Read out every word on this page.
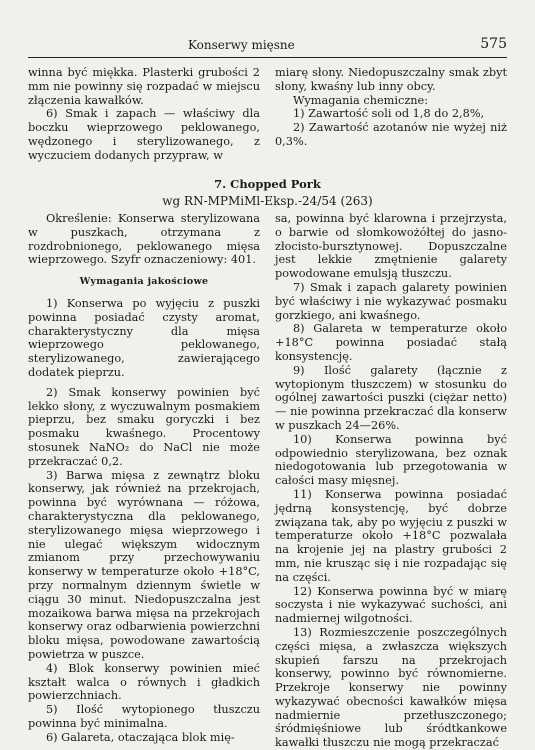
Konserwy mięsne	575

winna być miękka. Plasterki grubości 2 mm nie powinny się rozpadać w miejscu złączenia kawałków.

6) Smak i zapach — właściwy dla boczku wieprzowego peklowanego, wędzonego i sterylizowanego, z wyczuciem dodanych przypraw, w

miarę słony. Niedopuszczalny smak zbyt słony, kwaśny lub inny obcy.

Wymagania chemiczne:

1) Zawartość soli od 1,8 do 2,8%,

2) Zawartość azotanów nie wyżej niż 0,3%.

7. Chopped Pork

wg RN-MPMiMl-Eksp.-24/54 (263)

Określenie: Konserwa sterylizowana w puszkach, otrzymana z rozdrobnionego, peklowanego mięsa wieprzowego. Szyfr oznaczeniowy: 401.

Wymagania jakościowe

1) Konserwa po wyjęciu z puszki powinna posiadać czysty aromat, charakterystyczny dla mięsa wieprzowego peklowanego, sterylizowanego, zawierającego dodatek pieprzu.

2) Smak konserwy powinien być lekko słony, z wyczuwalnym posmakiem pieprzu, bez smaku goryczki i bez posmaku kwaśnego. Procentowy stosunek NaNO₂ do NaCl nie może przekraczać 0,2.

3) Barwa mięsa z zewnątrz bloku konserwy, jak również na przekrojach, powinna być wyrównana — różowa, charakterystyczna dla peklowanego, sterylizowanego mięsa wieprzowego i nie ulegać większym widocznym zmianom przy przechowywaniu konserwy w temperaturze około +18°C, przy normalnym dziennym świetle w ciągu 30 minut. Niedopuszczalna jest mozaikowa barwa mięsa na przekrojach konserwy oraz odbarwienia powierzchni bloku mięsa, powodowane zawartością powietrza w puszce.

4) Blok konserwy powinien mieć kształt walca o równych i gładkich powierzchniach.

5) Ilość wytopionego tłuszczu powinna być minimalna.

6) Galareta, otaczająca blok mię-

sa, powinna być klarowna i przejrzysta, o barwie od słomkowożółtej do jasno-złocisto-bursztynowej. Dopuszczalne jest lekkie zmętnienie galarety powodowane emulsją tłuszczu.

7) Smak i zapach galarety powinien być właściwy i nie wykazywać posmaku gorzkiego, ani kwaśnego.

8) Galareta w temperaturze około +18°C powinna posiadać stałą konsystencję.

9) Ilość galarety (łącznie z wytopionym tłuszczem) w stosunku do ogólnej zawartości puszki (ciężar netto) — nie powinna przekraczać dla konserw w puszkach 24—26%.

10) Konserwa powinna być odpowiednio sterylizowana, bez oznak niedogotowania lub przegotowania w całości masy mięsnej.

11) Konserwa powinna posiadać jędrną konsystencję, być dobrze związana tak, aby po wyjęciu z puszki w temperaturze około +18°C pozwalała na krojenie jej na plastry grubości 2 mm, nie krusząc się i nie rozpadając się na części.

12) Konserwa powinna być w miarę soczysta i nie wykazywać suchości, ani nadmiernej wilgotności.

13) Rozmieszczenie poszczególnych części mięsa, a zwłaszcza większych skupień farszu na przekrojach konserwy, powinno być równomierne. Przekroje konserwy nie powinny wykazywać obecności kawałków mięsa nadmiernie przetłuszczonego; śródmięśniowe lub śródtkankowe kawałki tłuszczu nie mogą przekraczać
